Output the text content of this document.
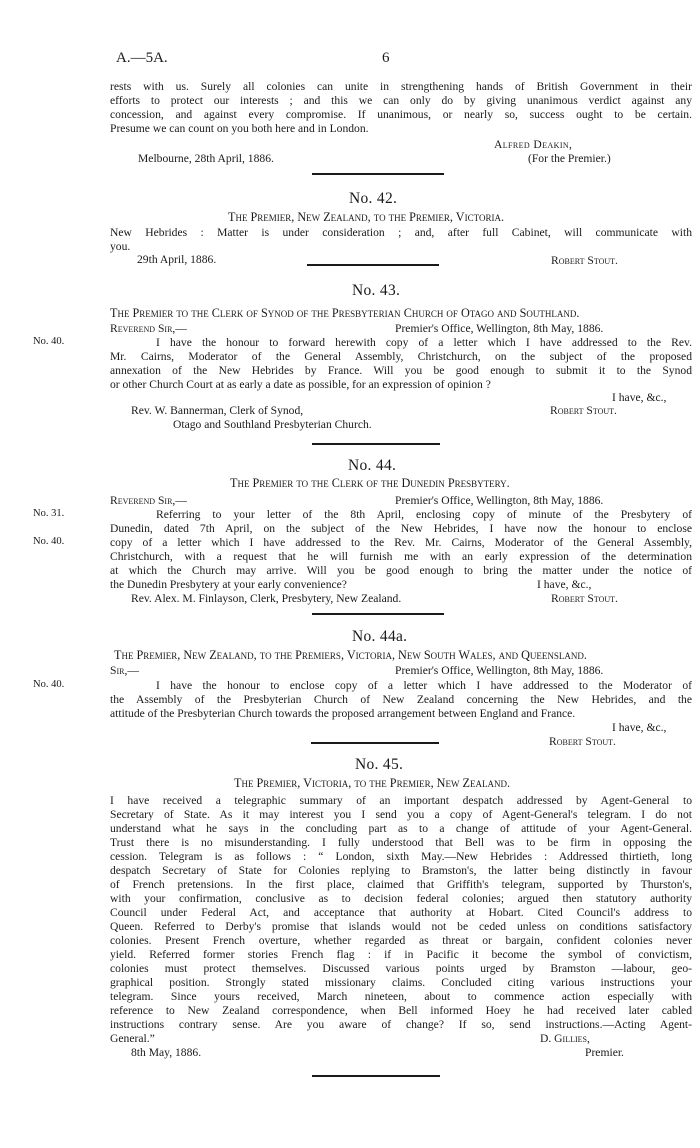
A.—5A.	6
rests with us. Surely all colonies can unite in strengthening hands of British Government in their
efforts to protect our interests ; and this we can only do by giving unanimous verdict against any
concession, and against every compromise. If unanimous, or nearly so, success ought to be certain.
Presume we can count on you both here and in London.
Alfred Deakin,
Melbourne, 28th April, 1886.	(For the Premier.)
No. 42.
The Premier, New Zealand, to the Premier, Victoria.
New Hebrides : Matter is under consideration ; and, after full Cabinet, will communicate with
you.
29th April, 1886.	Robert Stout.
No. 43.
The Premier to the Clerk of Synod of the Presbyterian Church of Otago and Southland.
Reverend Sir,—	Premier's Office, Wellington, 8th May, 1886.
No. 40.	I have the honour to forward herewith copy of a letter which I have addressed to the Rev.
Mr. Cairns, Moderator of the General Assembly, Christchurch, on the subject of the proposed
annexation of the New Hebrides by France. Will you be good enough to submit it to the Synod
or other Church Court at as early a date as possible, for an expression of opinion ?
I have, &c.,
Rev. W. Bannerman, Clerk of Synod,	Robert Stout.
Otago and Southland Presbyterian Church.
No. 44.
The Premier to the Clerk of the Dunedin Presbytery.
Reverend Sir,—	Premier's Office, Wellington, 8th May, 1886.
No. 31.	Referring to your letter of the 8th April, enclosing copy of minute of the Presbytery of
Dunedin, dated 7th April, on the subject of the New Hebrides, I have now the honour to enclose
No. 40.	copy of a letter which I have addressed to the Rev. Mr. Cairns, Moderator of the General Assembly,
Christchurch, with a request that he will furnish me with an early expression of the determination
at which the Church may arrive. Will you be good enough to bring the matter under the notice of
the Dunedin Presbytery at your early convenience?	I have, &c.,
Rev. Alex. M. Finlayson, Clerk, Presbytery, New Zealand.	Robert Stout.
No. 44a.
The Premier, New Zealand, to the Premiers, Victoria, New South Wales, and Queensland.
Sir,—	Premier's Office, Wellington, 8th May, 1886.
No. 40.	I have the honour to enclose copy of a letter which I have addressed to the Moderator of
the Assembly of the Presbyterian Church of New Zealand concerning the New Hebrides, and the
attitude of the Presbyterian Church towards the proposed arrangement between England and France.
I have, &c.,
Robert Stout.
No. 45.
The Premier, Victoria, to the Premier, New Zealand.
I have received a telegraphic summary of an important despatch addressed by Agent-General to
Secretary of State. As it may interest you I send you a copy of Agent-General's telegram. I do not
understand what he says in the concluding part as to a change of attitude of your Agent-General.
Trust there is no misunderstanding. I fully understood that Bell was to be firm in opposing the
cession. Telegram is as follows : “ London, sixth May.—New Hebrides : Addressed thirtieth, long
despatch Secretary of State for Colonies replying to Bramston's, the latter being distinctly in favour
of French pretensions. In the first place, claimed that Griffith's telegram, supported by Thurston's,
with your confirmation, conclusive as to decision federal colonies; argued then statutory authority
Council under Federal Act, and acceptance that authority at Hobart. Cited Council's address to
Queen. Referred to Derby's promise that islands would not be ceded unless on conditions satisfactory
colonies. Present French overture, whether regarded as threat or bargain, confident colonies never
yield. Referred former stories French flag : if in Pacific it become the symbol of convictism,
colonies must protect themselves. Discussed various points urged by Bramston —labour, geo-
graphical position. Strongly stated missionary claims. Concluded citing various instructions your
telegram. Since yours received, March nineteen, about to commence action especially with
reference to New Zealand correspondence, when Bell informed Hoey he had received later cabled
instructions contrary sense. Are you aware of change? If so, send instructions.—Acting Agent-
General.”	D. Gillies,
8th May, 1886.	Premier.
